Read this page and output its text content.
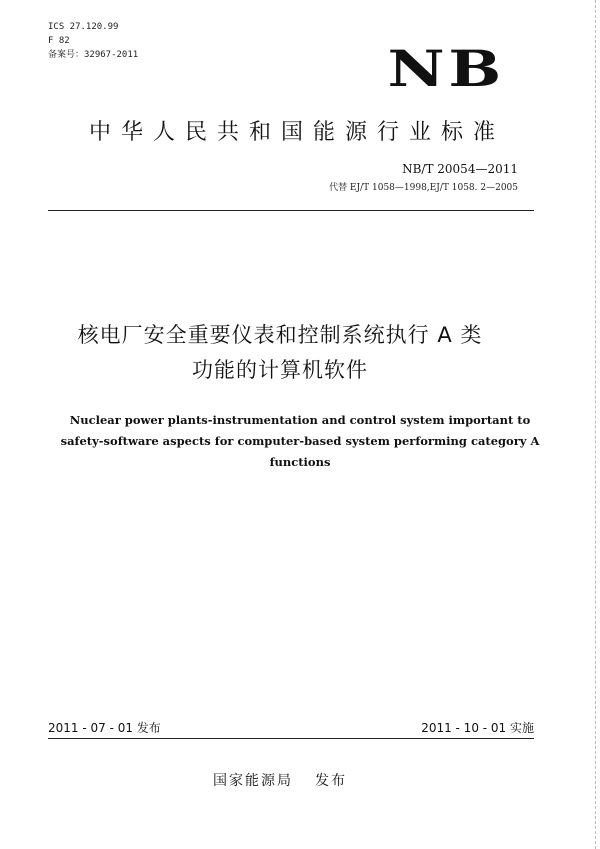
ICS 27.120.99
F 82
备案号：32967-2011	NB
中华人民共和国能源行业标准
NB/T 20054—2011
代替 EJ/T 1058—1998,EJ/T 1058. 2—2005
核电厂安全重要仪表和控制系统执行 A 类
功能的计算机软件
Nuclear power plants-instrumentation and control system important to
safety-software aspects for computer-based system performing category A
functions
2011 - 07 - 01 发布	2011 - 10 - 01 实施
国家能源局 发布
